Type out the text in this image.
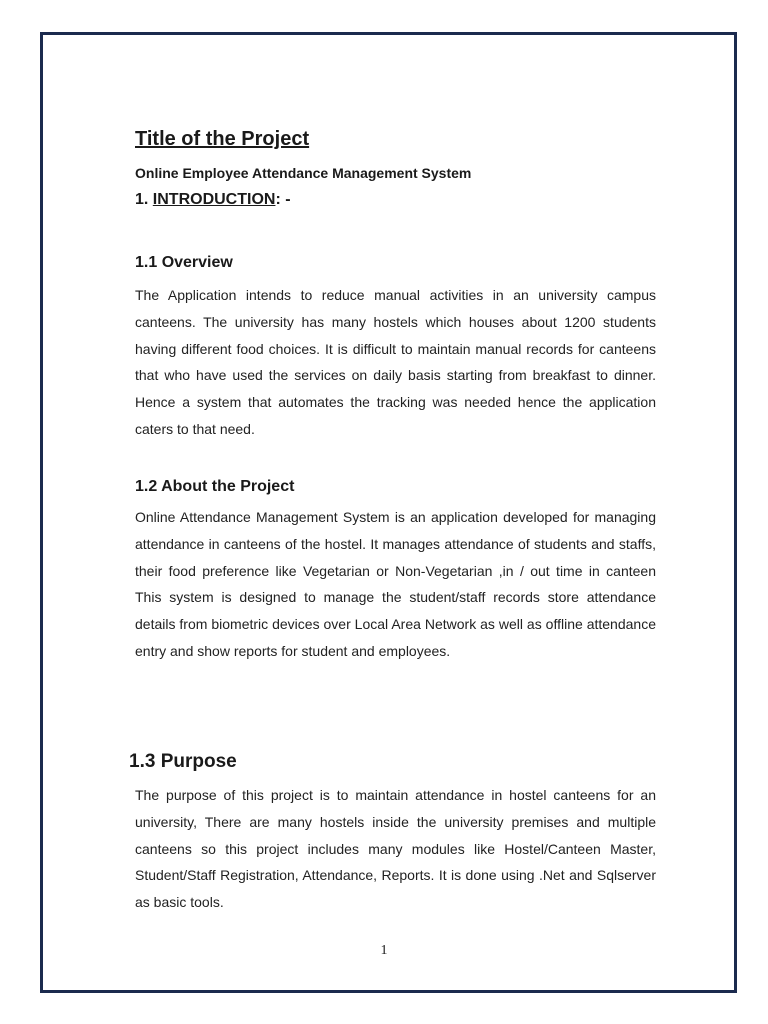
Title of the Project

Online Employee Attendance Management System

1. INTRODUCTION: -

1.1 Overview

The Application intends to reduce manual activities in an university campus canteens. The university has many hostels which houses about 1200 students having different food choices. It is difficult to maintain manual records for canteens that who have used the services on daily basis starting from breakfast to dinner. Hence a system that automates the tracking was needed hence the application caters to that need.

1.2 About the Project

Online Attendance Management System is an application developed for managing attendance in canteens of the hostel. It manages attendance of students and staffs, their food preference like Vegetarian or Non-Vegetarian ,in / out time in canteen This system is designed to manage the student/staff records store attendance details from biometric devices over Local Area Network as well as offline attendance entry and show reports for student and employees.

1.3 Purpose

The purpose of this project is to maintain attendance in hostel canteens for an university, There are many hostels inside the university premises and multiple canteens so this project includes many modules like Hostel/Canteen Master, Student/Staff Registration, Attendance, Reports. It is done using .Net and Sqlserver as basic tools.

1
